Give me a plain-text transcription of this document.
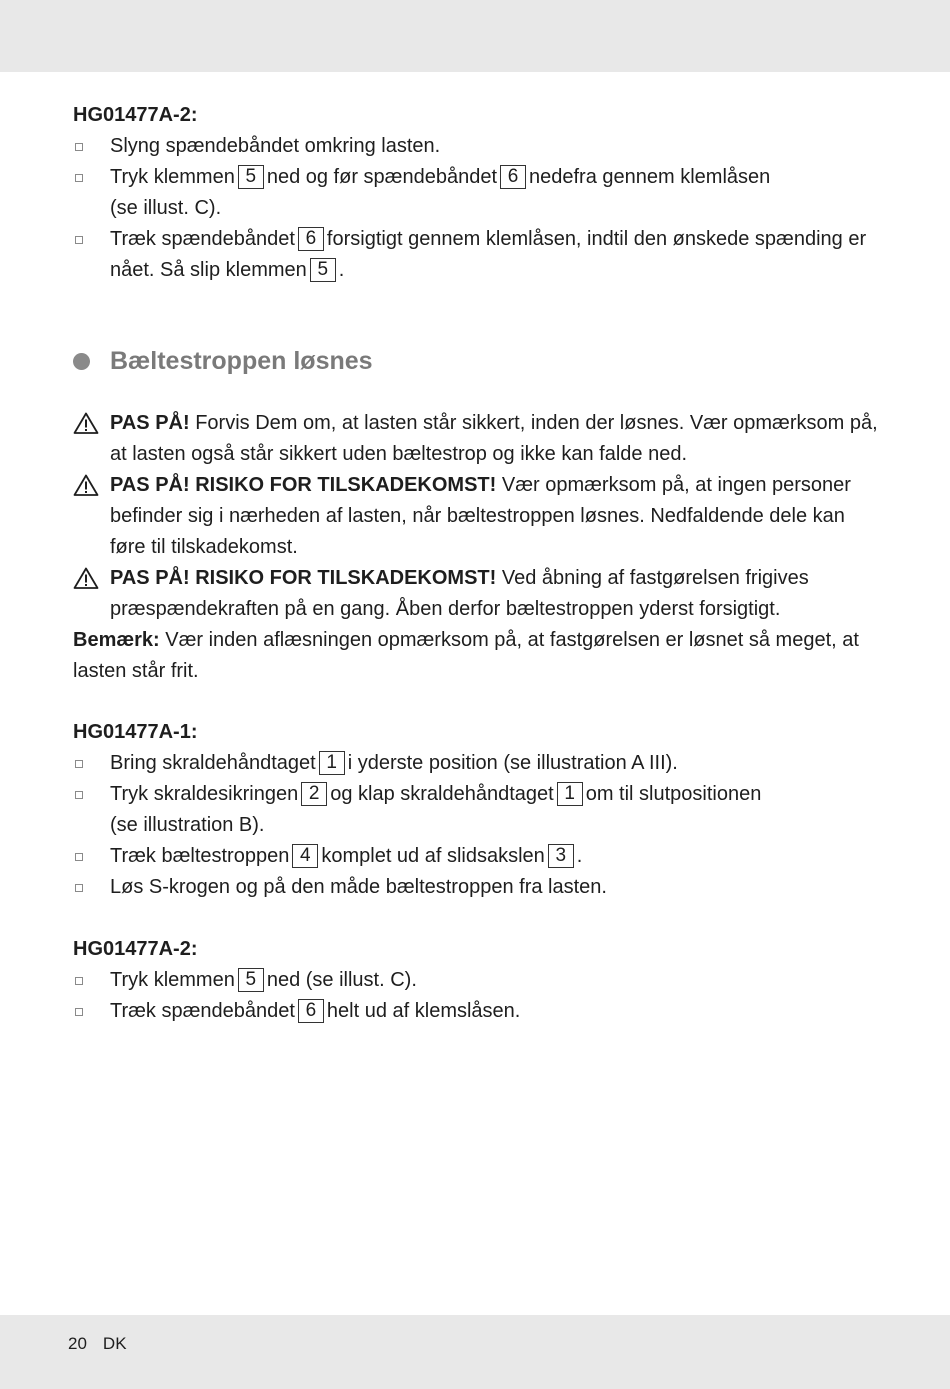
HG01477A-2:
Slyng spændebåndet omkring lasten.
Tryk klemmen 5 ned og før spændebåndet 6 nedefra gennem klemlåsen
(se illust. C).
Træk spændebåndet 6 forsigtigt gennem klemlåsen, indtil den ønskede spænding er
nået. Så slip klemmen 5 .
Bæltestroppen løsnes
PAS PÅ! Forvis Dem om, at lasten står sikkert, inden der løsnes. Vær opmærksom på, at lasten også står sikkert uden bæltestrop og ikke kan falde ned.
PAS PÅ! RISIKO FOR TILSKADEKOMST! Vær opmærksom på, at ingen personer befinder sig i nærheden af lasten, når bæltestroppen løsnes. Nedfaldende dele kan føre til tilskadekomst.
PAS PÅ! RISIKO FOR TILSKADEKOMST! Ved åbning af fastgørelsen frigives præspændekraften på en gang. Åben derfor bæltestroppen yderst forsigtigt.
Bemærk: Vær inden aflæsningen opmærksom på, at fastgørelsen er løsnet så meget, at lasten står frit.
HG01477A-1:
Bring skraldehåndtaget 1 i yderste position (se illustration A III).
Tryk skraldesikringen 2 og klap skraldehåndtaget 1 om til slutpositionen
(se illustration B).
Træk bæltestroppen 4 komplet ud af slidsakslen 3 .
Løs S-krogen og på den måde bæltestroppen fra lasten.
HG01477A-2:
Tryk klemmen 5 ned (se illust. C).
Træk spændebåndet 6 helt ud af klemslåsen.
20 DK
